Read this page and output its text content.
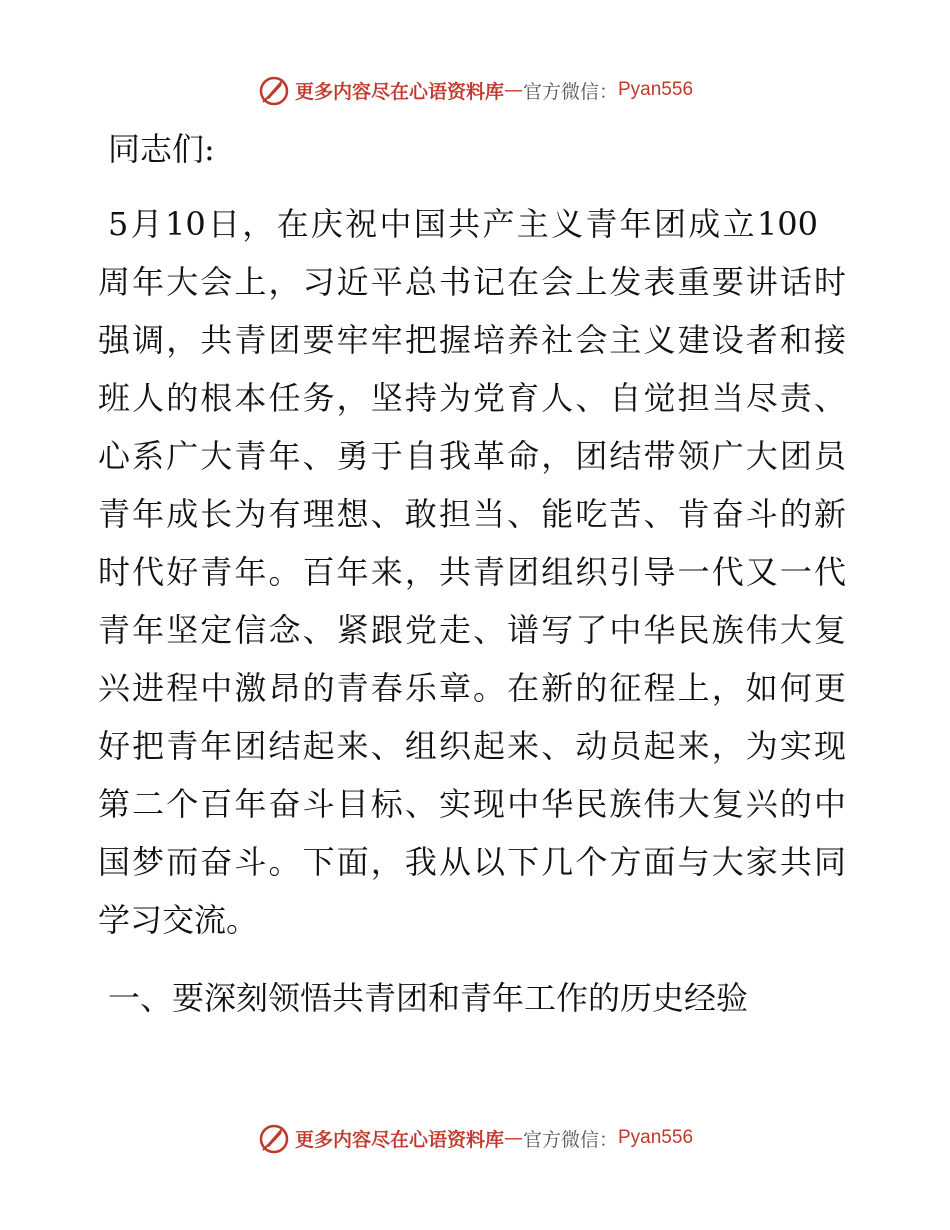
更多内容尽在心语资料库 — 官方微信： Pyan556
同志们:
5月10日，在庆祝中国共产主义青年团成立100
周年大会上，习近平总书记在会上发表重要讲话时
强调，共青团要牢牢把握培养社会主义建设者和接
班人的根本任务，坚持为党育人、自觉担当尽责、
心系广大青年、勇于自我革命，团结带领广大团员
青年成长为有理想、敢担当、能吃苦、肯奋斗的新
时代好青年。百年来，共青团组织引导一代又一代
青年坚定信念、紧跟党走、谱写了中华民族伟大复
兴进程中激昂的青春乐章。在新的征程上，如何更
好把青年团结起来、组织起来、动员起来，为实现
第二个百年奋斗目标、实现中华民族伟大复兴的中
国梦而奋斗。下面，我从以下几个方面与大家共同
学习交流。
一、要深刻领悟共青团和青年工作的历史经验
更多内容尽在心语资料库 — 官方微信： Pyan556
